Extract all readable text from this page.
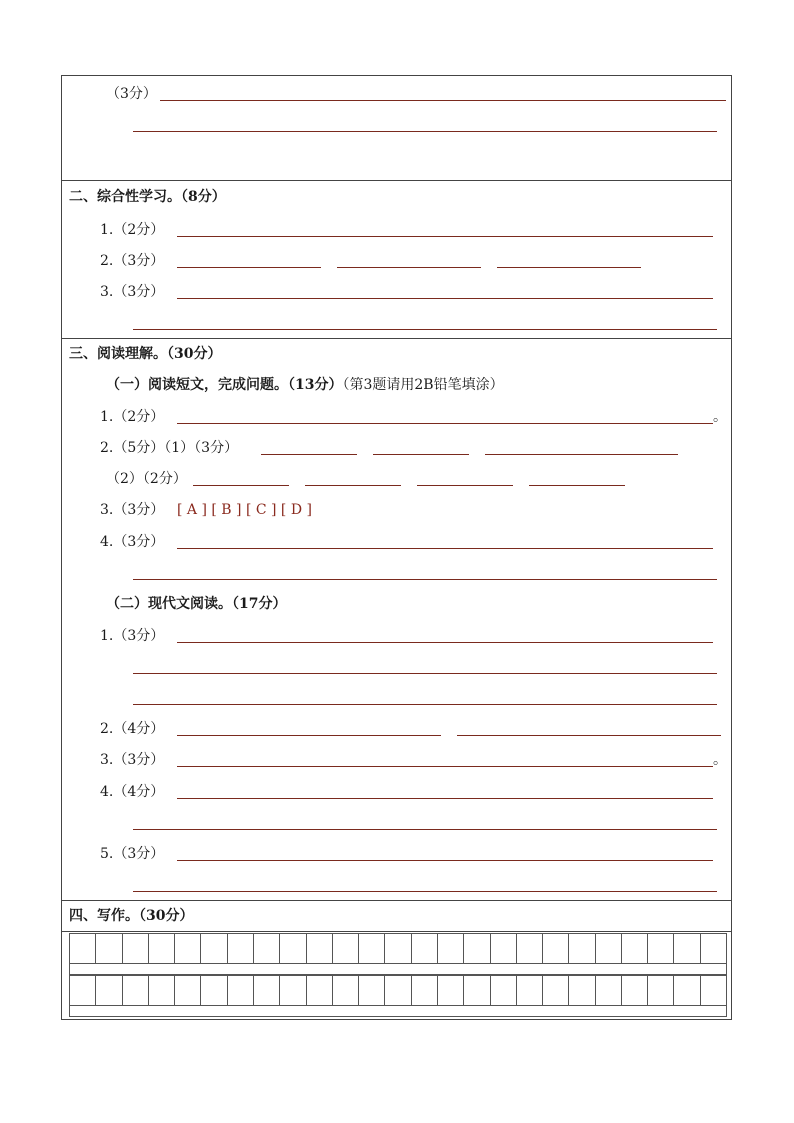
（3分）
二、综合性学习。（8分）
1.（2分）
2.（3分）
3.（3分）
三、阅读理解。（30分）
（一）阅读短文，完成问题。（13分）（第3题请用2B铅笔填涂）
1.（2分）	。
2.（5分）（1）（3分）
（2）（2分）
3.（3分） [ A ] [ B ] [ C ] [ D ]
4.（3分）
（二）现代文阅读。（17分）
1.（3分）
2.（4分）
3.（3分）	。
4.（4分）
5.（3分）
四、写作。（30分）
